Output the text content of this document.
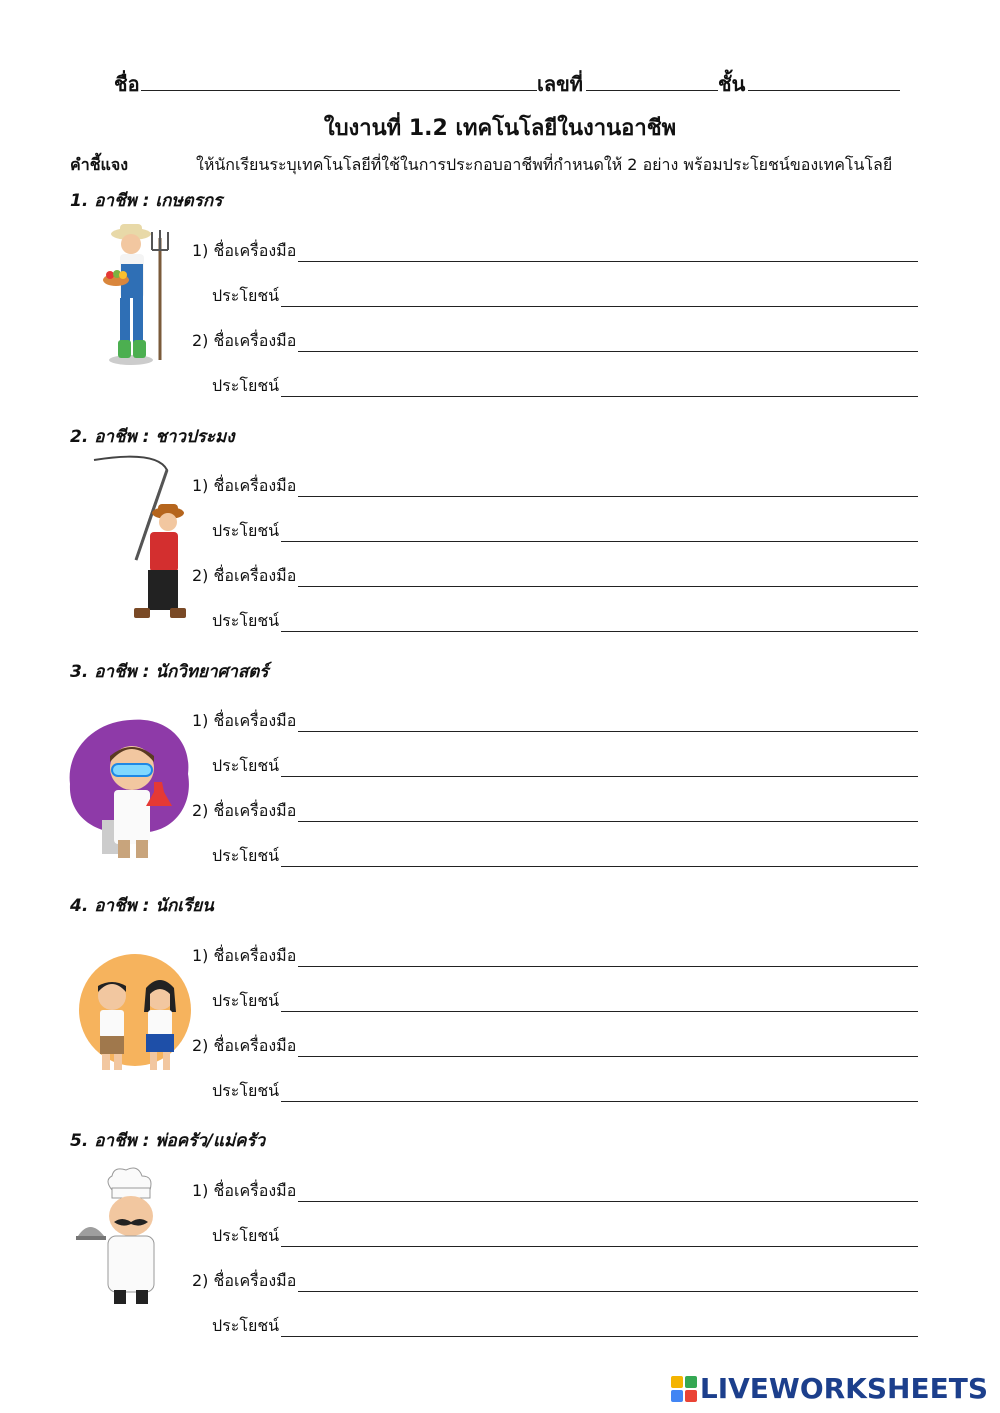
ชื่อ	เลขที่	ชั้น
ใบงานที่ 1.2 เทคโนโลยีในงานอาชีพ
คำชี้แจง	ให้นักเรียนระบุเทคโนโลยีที่ใช้ในการประกอบอาชีพที่กำหนดให้ 2 อย่าง พร้อมประโยชน์ของเทคโนโลยี
1. อาชีพ : เกษตรกร
1) ชื่อเครื่องมือ
ประโยชน์
2) ชื่อเครื่องมือ
ประโยชน์
2. อาชีพ : ชาวประมง
1) ชื่อเครื่องมือ
ประโยชน์
2) ชื่อเครื่องมือ
ประโยชน์
3. อาชีพ : นักวิทยาศาสตร์
1) ชื่อเครื่องมือ
ประโยชน์
2) ชื่อเครื่องมือ
ประโยชน์
4. อาชีพ : นักเรียน
1) ชื่อเครื่องมือ
ประโยชน์
2) ชื่อเครื่องมือ
ประโยชน์
5. อาชีพ : พ่อครัว/แม่ครัว
1) ชื่อเครื่องมือ
ประโยชน์
2) ชื่อเครื่องมือ
ประโยชน์
LIVEWORKSHEETS
